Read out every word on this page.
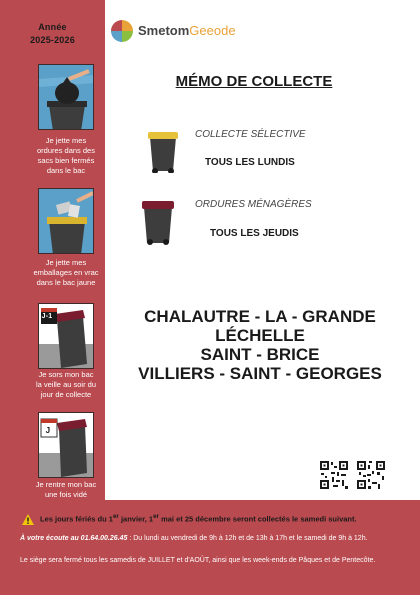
Année
2025-2026
Je jette mes
ordures dans des
sacs bien fermés
dans le bac
Je jette mes
emballages en vrac
dans le bac jaune
J-1
Je sors mon bac
la veille au soir du
jour de collecte
J
Je rentre mon bac
une fois vidé
SmetomGeeode
MÉMO DE COLLECTE
COLLECTE SÉLECTIVE
TOUS LES LUNDIS
ORDURES MÉNAGÈRES
TOUS LES JEUDIS
CHALAUTRE - LA - GRANDE
LÉCHELLE
SAINT - BRICE
VILLIERS - SAINT - GEORGES
Les jours fériés du 1er janvier, 1er mai et 25 décembre seront collectés le samedi suivant.
À votre écoute au 01.64.00.26.45 : Du lundi au vendredi de 9h à 12h et de 13h à 17h et le samedi de 9h à 12h.
Le siège sera fermé tous les samedis de JUILLET et d'AOÛT, ainsi que les week-ends de Pâques et de Pentecôte.
